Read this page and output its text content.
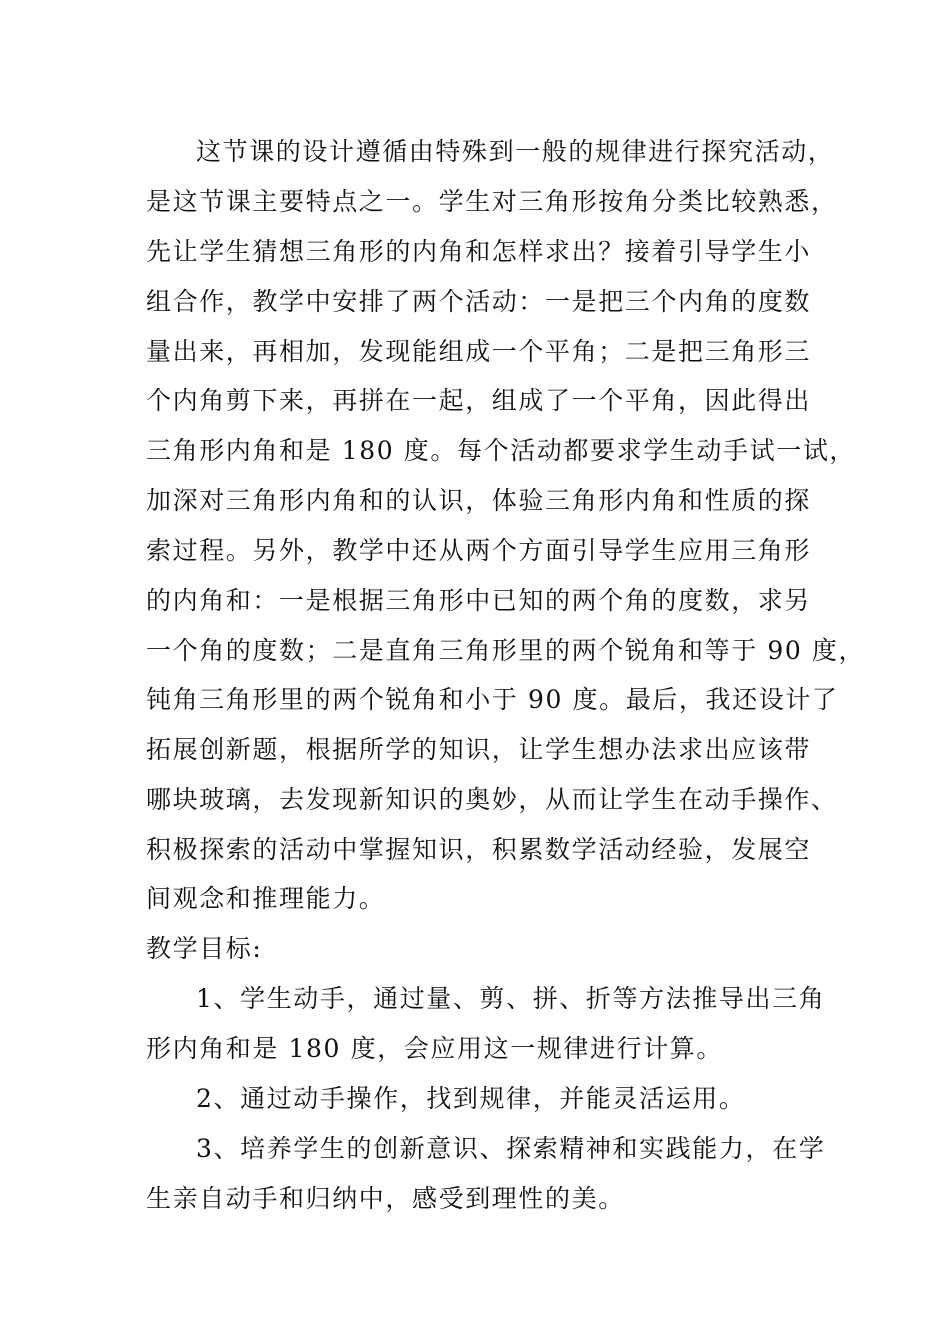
这节课的设计遵循由特殊到一般的规律进行探究活动，
是这节课主要特点之一。学生对三角形按角分类比较熟悉，
先让学生猜想三角形的内角和怎样求出？接着引导学生小
组合作，教学中安排了两个活动：一是把三个内角的度数
量出来，再相加，发现能组成一个平角；二是把三角形三
个内角剪下来，再拼在一起，组成了一个平角，因此得出
三角形内角和是 180 度。每个活动都要求学生动手试一试，
加深对三角形内角和的认识，体验三角形内角和性质的探
索过程。另外，教学中还从两个方面引导学生应用三角形
的内角和：一是根据三角形中已知的两个角的度数，求另
一个角的度数；二是直角三角形里的两个锐角和等于 90 度，
钝角三角形里的两个锐角和小于 90 度。最后，我还设计了
拓展创新题，根据所学的知识，让学生想办法求出应该带
哪块玻璃，去发现新知识的奥妙，从而让学生在动手操作、
积极探索的活动中掌握知识，积累数学活动经验，发展空
间观念和推理能力。
教学目标:
1、学生动手，通过量、剪、拼、折等方法推导出三角
形内角和是 180 度，会应用这一规律进行计算。
2、通过动手操作，找到规律，并能灵活运用。
3、培养学生的创新意识、探索精神和实践能力，在学
生亲自动手和归纳中，感受到理性的美。
